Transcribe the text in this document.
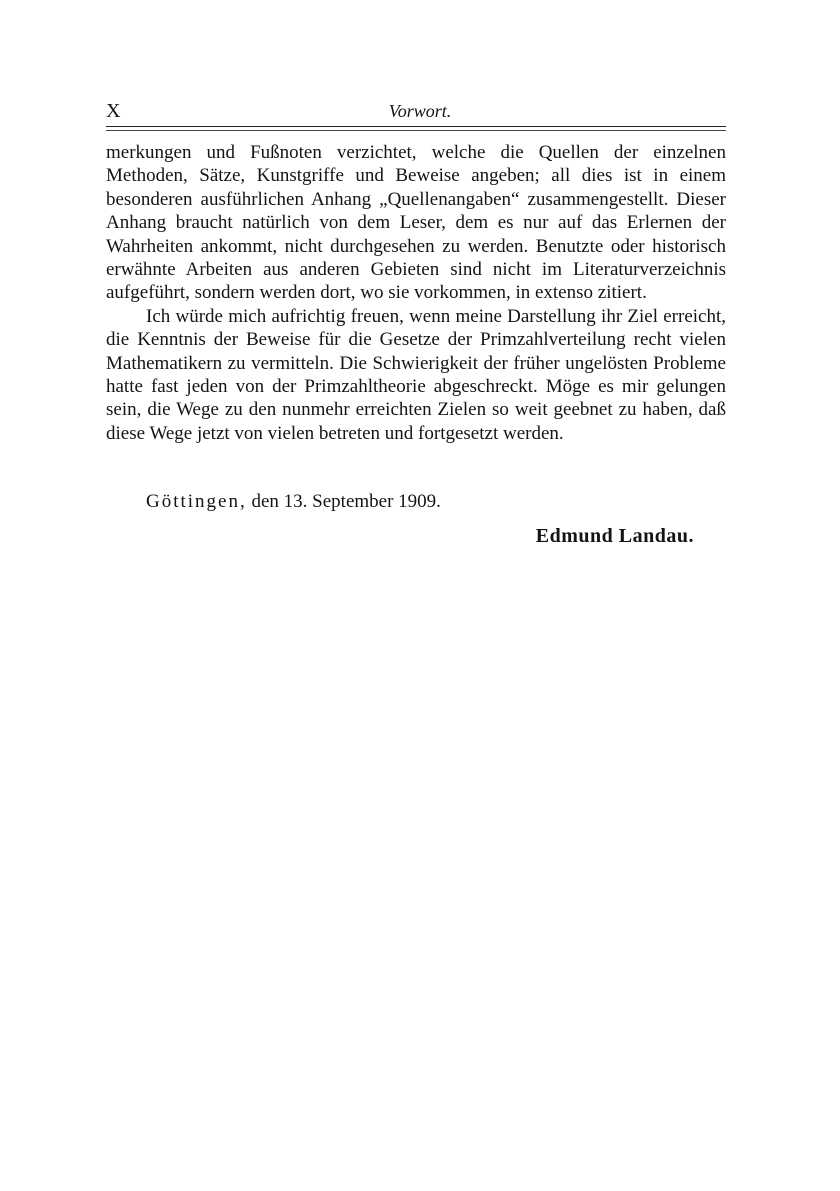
X	Vorwort.

merkungen und Fußnoten verzichtet, welche die Quellen der einzelnen Methoden, Sätze, Kunstgriffe und Beweise angeben; all dies ist in einem besonderen ausführlichen Anhang „Quellenangaben“ zusammengestellt. Dieser Anhang braucht natürlich von dem Leser, dem es nur auf das Erlernen der Wahrheiten ankommt, nicht durchgesehen zu werden. Benutzte oder historisch erwähnte Arbeiten aus anderen Gebieten sind nicht im Literaturverzeichnis aufgeführt, sondern werden dort, wo sie vorkommen, in extenso zitiert.

Ich würde mich aufrichtig freuen, wenn meine Darstellung ihr Ziel erreicht, die Kenntnis der Beweise für die Gesetze der Primzahlverteilung recht vielen Mathematikern zu vermitteln. Die Schwierigkeit der früher ungelösten Probleme hatte fast jeden von der Primzahltheorie abgeschreckt. Möge es mir gelungen sein, die Wege zu den nunmehr erreichten Zielen so weit geebnet zu haben, daß diese Wege jetzt von vielen betreten und fortgesetzt werden.

Göttingen, den 13. September 1909.
Edmund Landau.
